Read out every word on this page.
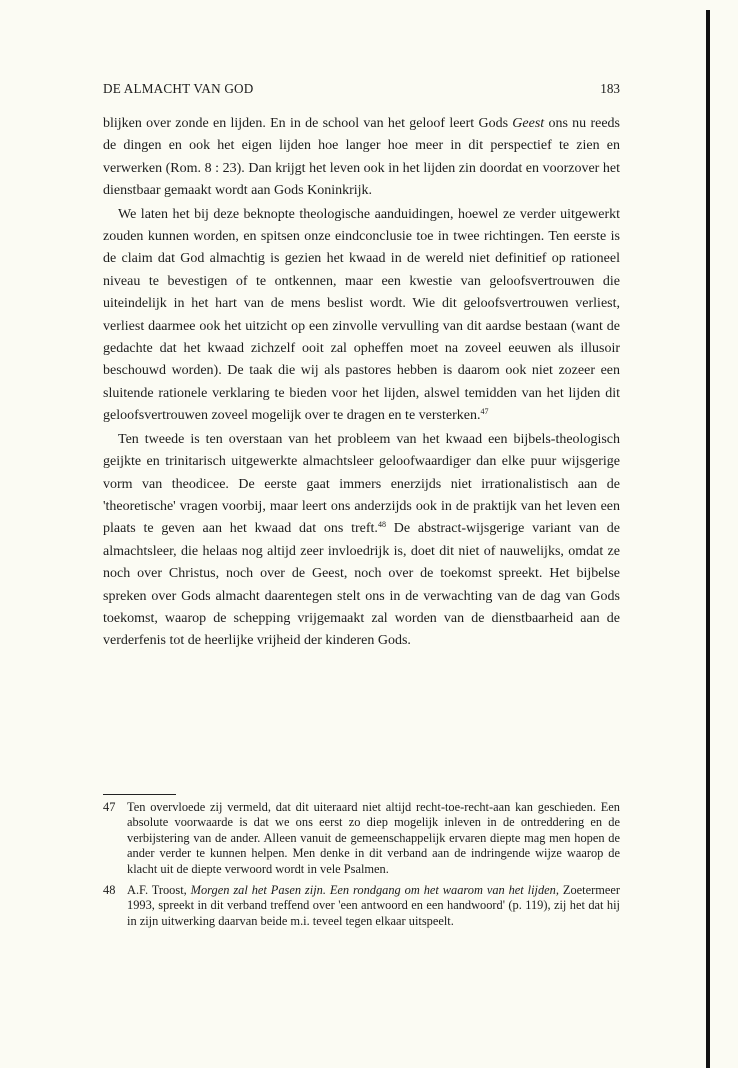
DE ALMACHT VAN GOD	183

blijken over zonde en lijden. En in de school van het geloof leert Gods Geest ons nu reeds de dingen en ook het eigen lijden hoe langer hoe meer in dit perspectief te zien en verwerken (Rom. 8 : 23). Dan krijgt het leven ook in het lijden zin doordat en voorzover het dienstbaar gemaakt wordt aan Gods Koninkrijk.

We laten het bij deze beknopte theologische aanduidingen, hoewel ze verder uitgewerkt zouden kunnen worden, en spitsen onze eindconclusie toe in twee richtingen. Ten eerste is de claim dat God almachtig is gezien het kwaad in de wereld niet definitief op rationeel niveau te bevestigen of te ontkennen, maar een kwestie van geloofsvertrouwen die uiteindelijk in het hart van de mens beslist wordt. Wie dit geloofsvertrouwen verliest, verliest daarmee ook het uitzicht op een zinvolle vervulling van dit aardse bestaan (want de gedachte dat het kwaad zichzelf ooit zal opheffen moet na zoveel eeuwen als illusoir beschouwd worden). De taak die wij als pastores hebben is daarom ook niet zozeer een sluitende rationele verklaring te bieden voor het lijden, alswel temidden van het lijden dit geloofsvertrouwen zoveel mogelijk over te dragen en te versterken.$^{47}$

Ten tweede is ten overstaan van het probleem van het kwaad een bijbels-theologisch geijkte en trinitarisch uitgewerkte almachtsleer geloofwaardiger dan elke puur wijsgerige vorm van theodicee. De eerste gaat immers enerzijds niet irrationalistisch aan de 'theoretische' vragen voorbij, maar leert ons anderzijds ook in de praktijk van het leven een plaats te geven aan het kwaad dat ons treft.$^{48}$ De abstract-wijsgerige variant van de almachtsleer, die helaas nog altijd zeer invloedrijk is, doet dit niet of nauwelijks, omdat ze noch over Christus, noch over de Geest, noch over de toekomst spreekt. Het bijbelse spreken over Gods almacht daarentegen stelt ons in de verwachting van de dag van Gods toekomst, waarop de schepping vrijgemaakt zal worden van de dienstbaarheid aan de verderfenis tot de heerlijke vrijheid der kinderen Gods.

47 Ten overvloede zij vermeld, dat dit uiteraard niet altijd recht-toe-recht-aan kan geschieden. Een absolute voorwaarde is dat we ons eerst zo diep mogelijk inleven in de ontreddering en de verbijstering van de ander. Alleen vanuit de gemeenschappelijk ervaren diepte mag men hopen de ander verder te kunnen helpen. Men denke in dit verband aan de indringende wijze waarop de klacht uit de diepte verwoord wordt in vele Psalmen.
48 A.F. Troost, Morgen zal het Pasen zijn. Een rondgang om het waarom van het lijden, Zoetermeer 1993, spreekt in dit verband treffend over 'een antwoord en een handwoord' (p. 119), zij het dat hij in zijn uitwerking daarvan beide m.i. teveel tegen elkaar uitspeelt.
